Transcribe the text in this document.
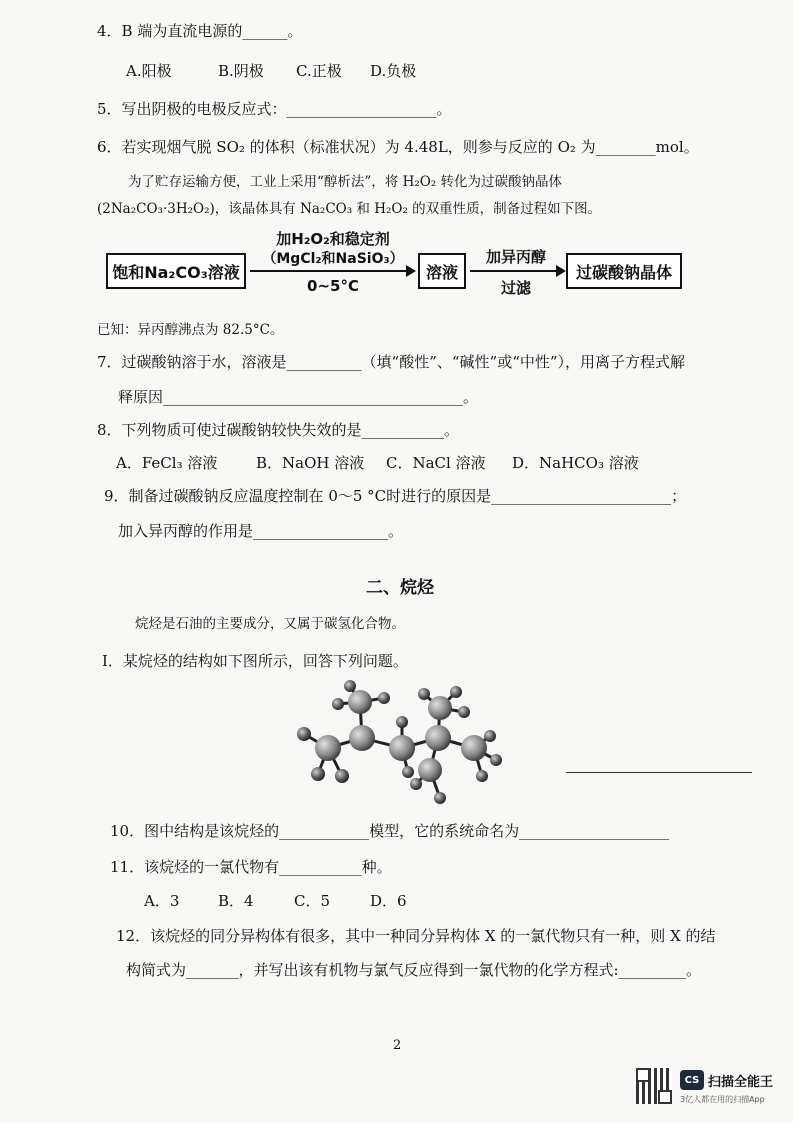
4．B 端为直流电源的______。
A.阳极	B.阴极 C.正极 D.负极
5．写出阴极的电极反应式：____________________。
6．若实现烟气脱 SO₂ 的体积（标准状况）为 4.48L，则参与反应的 O₂ 为________mol。
为了贮存运输方便，工业上采用“醇析法”，将 H₂O₂ 转化为过碳酸钠晶体
(2Na₂CO₃·3H₂O₂)，该晶体具有 Na₂CO₃ 和 H₂O₂ 的双重性质，制备过程如下图。
饱和Na₂CO₃溶液
加H₂O₂和稳定剂
（MgCl₂和NaSiO₃）
0~5°C
溶液
加异丙醇
过滤
过碳酸钠晶体
已知：异丙醇沸点为 82.5°C。
7．过碳酸钠溶于水，溶液是__________（填“酸性”、“碱性”或“中性”），用离子方程式解
释原因________________________________________。
8．下列物质可使过碳酸钠较快失效的是___________。
A．FeCl₃ 溶液	B．NaOH 溶液 C．NaCl 溶液 D．NaHCO₃ 溶液
9．制备过碳酸钠反应温度控制在 0～5 °C时进行的原因是________________________；
加入异丙醇的作用是__________________。
二、烷烃
烷烃是石油的主要成分，又属于碳氢化合物。
I．某烷烃的结构如下图所示，回答下列问题。
10．图中结构是该烷烃的____________模型，它的系统命名为____________________
11．该烷烃的一氯代物有___________种。
A．3	B．4	C．5	D．6
12．该烷烃的同分异构体有很多，其中一种同分异构体 X 的一氯代物只有一种，则 X 的结
构简式为_______，并写出该有机物与氯气反应得到一氯代物的化学方程式:_________。
2
CS 扫描全能王
3亿人都在用的扫描App
